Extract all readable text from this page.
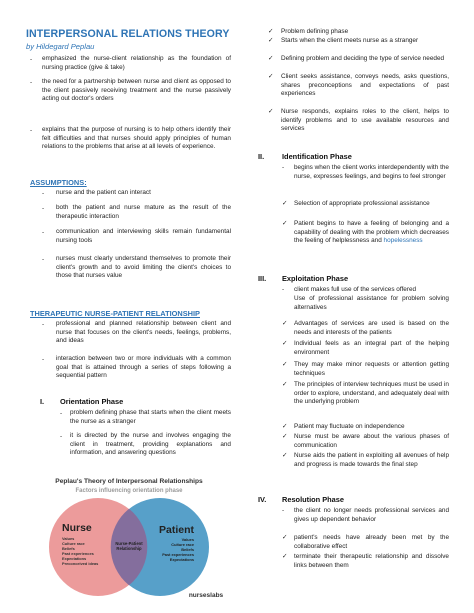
INTERPERSONAL RELATIONS THEORY
by Hildegard Peplau
- emphasized the nurse-client relationship as the foundation of nursing practice (give & take)
- the need for a partnership between nurse and client as opposed to the client passively receiving treatment and the nurse passively acting out doctor's orders
- explains that the purpose of nursing is to help others identify their felt difficulties and that nurses should apply principles of human relations to the problems that arise at all levels of experience.
ASSUMPTIONS:
- nurse and the patient can interact
- both the patient and nurse mature as the result of the therapeutic interaction
- communication and interviewing skills remain fundamental nursing tools
- nurses must clearly understand themselves to promote their client's growth and to avoid limiting the client's choices to those that nurses value
THERAPEUTIC NURSE-PATIENT RELATIONSHIP
- professional and planned relationship between client and nurse that focuses on the client's needs, feelings, problems, and ideas
- interaction between two or more individuals with a common goal that is attained through a series of steps following a sequential pattern
I. Orientation Phase
- problem defining phase that starts when the client meets the nurse as a stranger
- it is directed by the nurse and involves engaging the client in treatment, providing explanations and information, and answering questions
Peplau's Theory of Interpersonal Relationships
Factors influencing orientation phase
Nurse
Values
Culture race
Beliefs
Past experiences
Expectations
Preconceived ideas
Nurse-Patient
Relationship
Patient
Values
Culture race
Beliefs
Past experiences
Expectations
nurseslabs
✓ Problem defining phase
✓ Starts when the client meets nurse as a stranger
✓ Defining problem and deciding the type of service needed
✓ Client seeks assistance, conveys needs, asks questions, shares preconceptions and expectations of past experiences
✓ Nurse responds, explains roles to the client, helps to identify problems and to use available resources and services
II. Identification Phase
- begins when the client works interdependently with the nurse, expresses feelings, and begins to feel stronger
✓ Selection of appropriate professional assistance
✓ Patient begins to have a feeling of belonging and a capability of dealing with the problem which decreases the feeling of helplessness and hopelessness
III. Exploitation Phase
- client makes full use of the services offered
Use of professional assistance for problem solving alternatives
✓ Advantages of services are used is based on the needs and interests of the patients
✓ Individual feels as an integral part of the helping environment
✓ They may make minor requests or attention getting techniques
✓ The principles of interview techniques must be used in order to explore, understand, and adequately deal with the underlying problem
✓ Patient may fluctuate on independence
✓ Nurse must be aware about the various phases of communication
✓ Nurse aids the patient in exploiting all avenues of help and progress is made towards the final step
IV. Resolution Phase
- the client no longer needs professional services and gives up dependent behavior
✓ patient's needs have already been met by the collaborative effect
✓ terminate their therapeutic relationship and dissolve links between them
